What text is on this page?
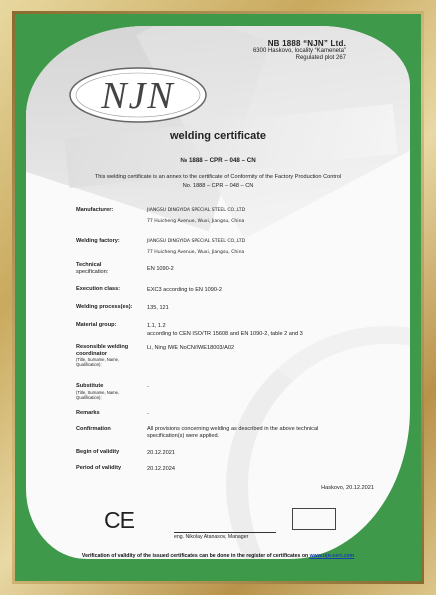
NB 1888 “NJN” Ltd.
6300 Haskovo, locality “Kameneta”
Regulated plot 267
NJN
welding certificate
№ 1888 – CPR – 048 – CN
This welding certificate is an annex to the certificate of Conformity of the Factory Production Control
No. 1888 – CPR – 048 – CN
Manufacturer:	JIANGSU DINGYIDA SPECIAL STEEL CO.,LTD
77 Huicheng Avenue, Wuxi, Jiangsu, China
Welding factory:	JIANGSU DINGYIDA SPECIAL STEEL CO.,LTD
77 Huicheng Avenue, Wuxi, Jiangsu, China
Technical
specification:	EN 1090-2
Execution class:	EXC3 according to EN 1090-2
Welding process(es):	135, 121
Material group:	1.1, 1.2
according to CEN ISO/TR 15608 and EN 1090-2, table 2 and 3
Resonsible welding
coordinator
(Title, Surname, Name, Qualification):
Li, Ning IWE NoCN/IWE18003/A02
Substitute
(Title, Surname, Name, Qualification):
-
Remarks	-
Confirmation	All provisions concerning welding as described in the above technical
specification(s) were applied.
Begin of validity	20.12.2021
Period of validity	20.12.2024
Haskovo, 20.12.2021
CE
eng. Nikolay Atanasov, Manager
Verification of validity of the issued certificates can be done in the register of certificates on www.njn-cert.com
